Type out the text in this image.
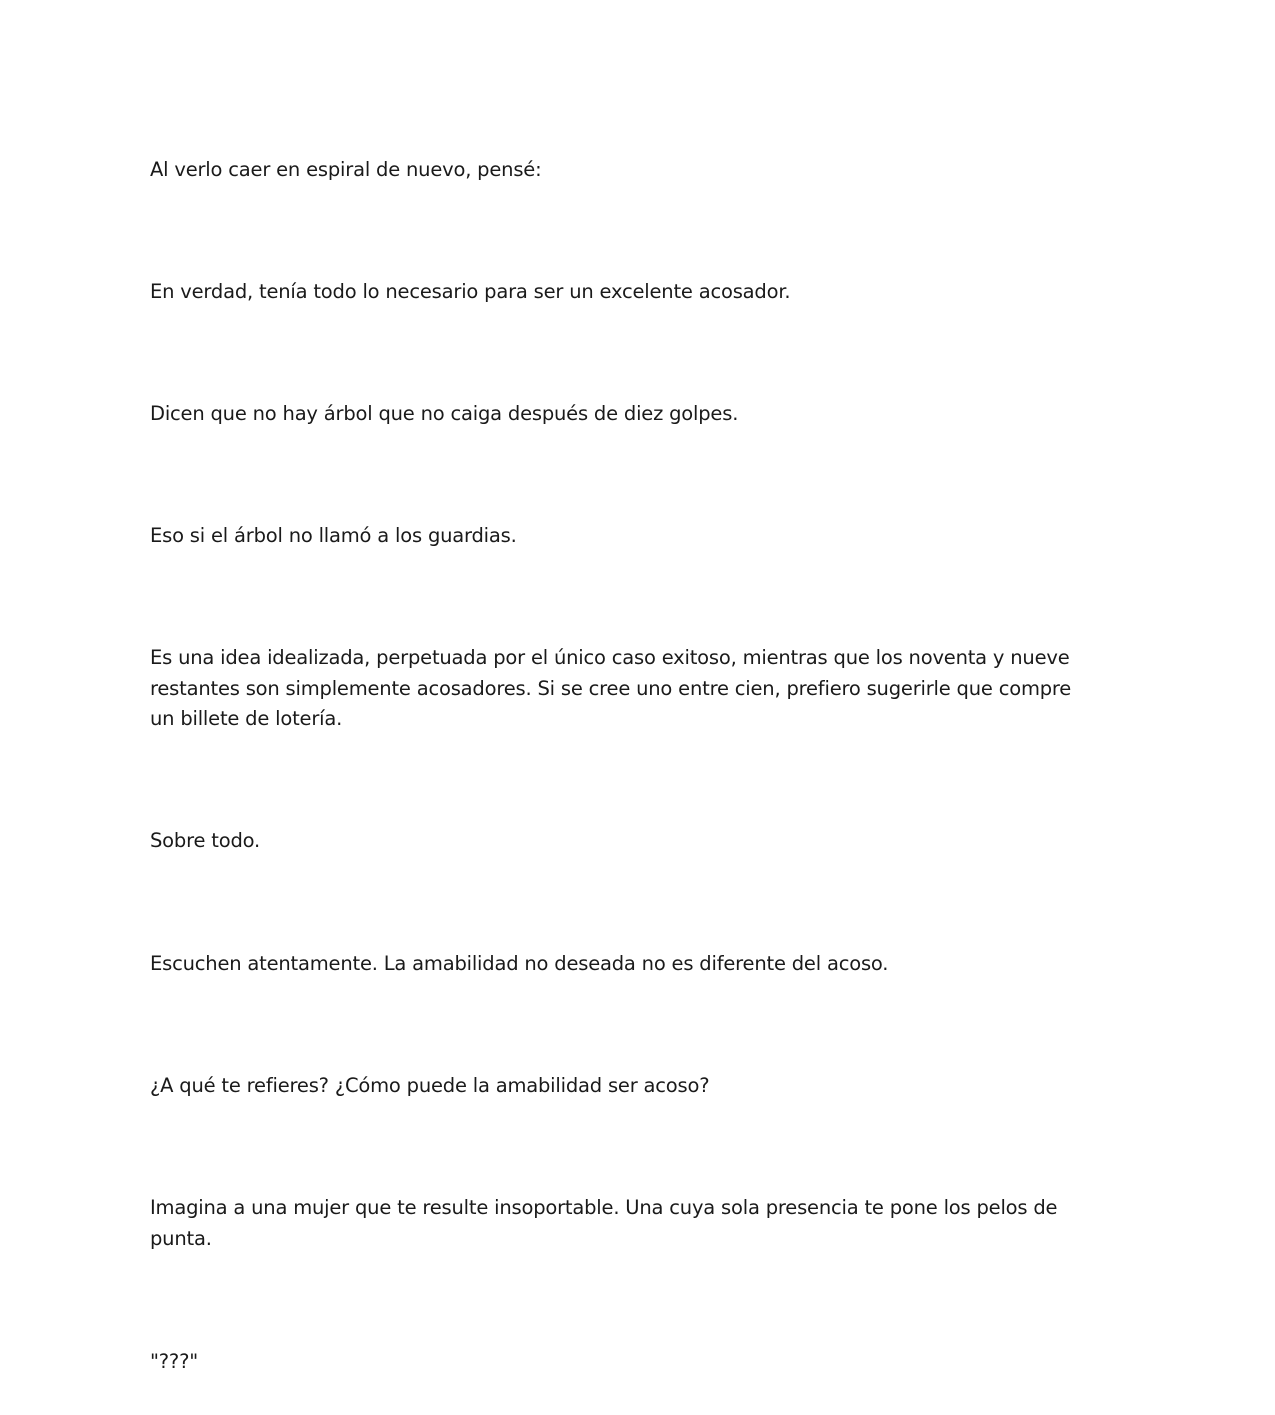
Al verlo caer en espiral de nuevo, pensé:

En verdad, tenía todo lo necesario para ser un excelente acosador.

Dicen que no hay árbol que no caiga después de diez golpes.

Eso si el árbol no llamó a los guardias.

Es una idea idealizada, perpetuada por el único caso exitoso, mientras que los noventa y nueve
restantes son simplemente acosadores. Si se cree uno entre cien, prefiero sugerirle que compre
un billete de lotería.

Sobre todo.

Escuchen atentamente. La amabilidad no deseada no es diferente del acoso.

¿A qué te refieres? ¿Cómo puede la amabilidad ser acoso?

Imagina a una mujer que te resulte insoportable. Una cuya sola presencia te pone los pelos de
punta.

"???"
